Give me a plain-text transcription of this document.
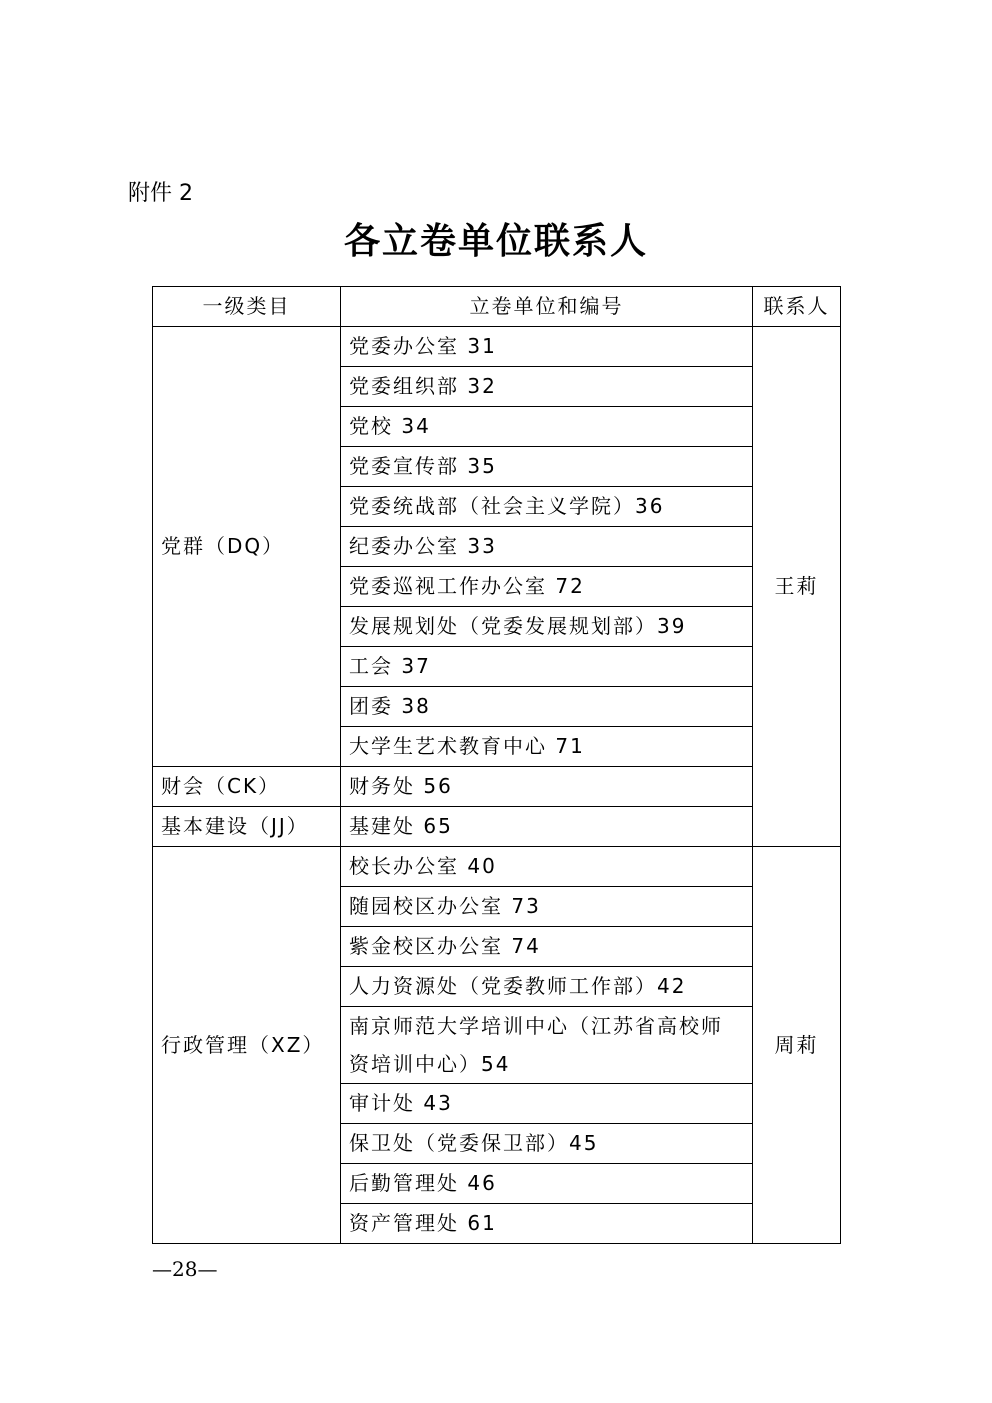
附件 2
各立卷单位联系人
一级类目	立卷单位和编号	联系人
党群（DQ）	党委办公室 31	王莉
	党委组织部 32	
	党校 34	
	党委宣传部 35	
	党委统战部（社会主义学院）36	
	纪委办公室 33	
	党委巡视工作办公室 72	
	发展规划处（党委发展规划部）39	
	工会 37	
	团委 38	
	大学生艺术教育中心 71	
财会（CK）	财务处 56	
基本建设（JJ）	基建处 65	
行政管理（XZ）	校长办公室 40	周莉
	随园校区办公室 73	
	紫金校区办公室 74	
	人力资源处（党委教师工作部）42	
	南京师范大学培训中心（江苏省高校师资培训中心）54	
	审计处 43	
	保卫处（党委保卫部）45	
	后勤管理处 46	
	资产管理处 61	
—28—
